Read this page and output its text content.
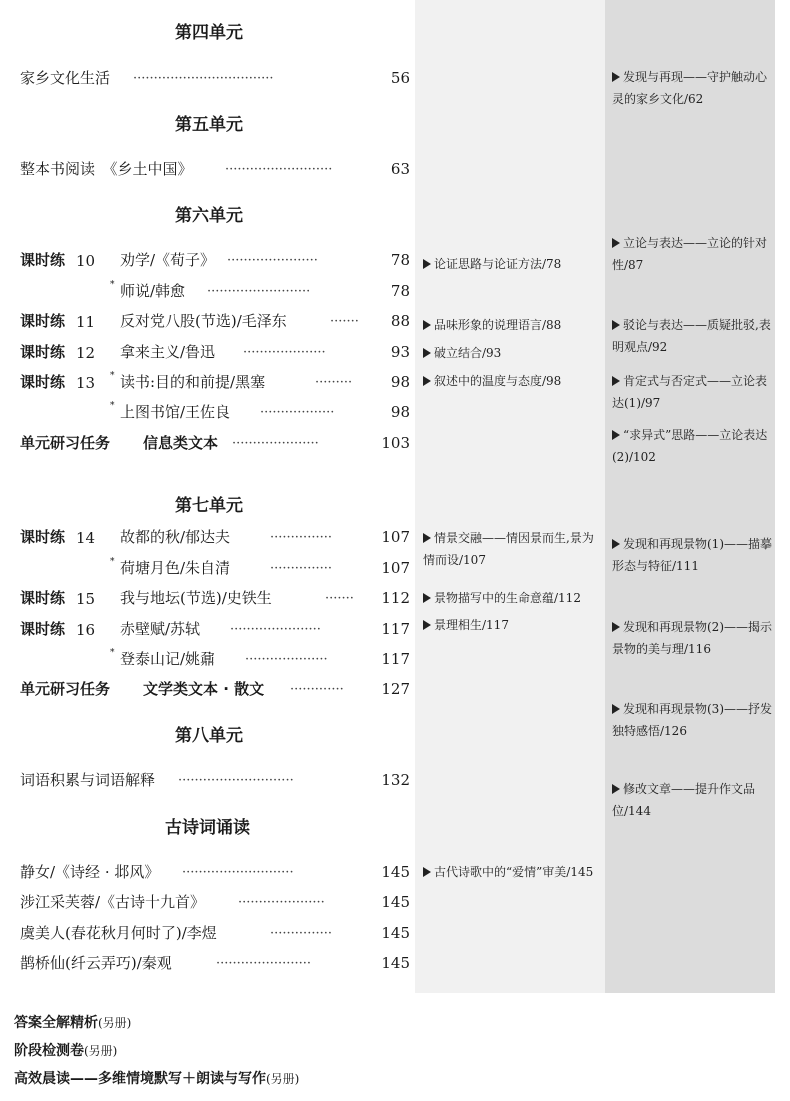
第四单元
第五单元
第六单元
第七单元
第八单元
古诗词诵读
家乡文化生活 ··································	56
整本书阅读　《乡土中国》 ··························	63
课时练 10 劝学/《荀子》 ······················	78
* 师说/韩愈 ·························	78
课时练 11 反对党八股(节选)/毛泽东	······· 88
课时练 12 拿来主义/鲁迅 ····················	93
课时练 13 * 读书:目的和前提/黑塞	·········	98
* 上图书馆/王佐良 ··················	98
单元研习任务 信息类文本 ·····················	103
课时练 14 故都的秋/郁达夫	···············	107
* 荷塘月色/朱自清	···············	107
课时练 15 我与地坛(节选)/史铁生	······· 112
课时练 16 赤壁赋/苏轼 ······················	117
* 登泰山记/姚鼐 ····················	117
单元研习任务 文学类文本 · 散文 ·············	127
词语积累与词语解释 ····························	132
静女/《诗经 · 邶风》 ···························	145
涉江采芙蓉/《古诗十九首》	·····················	145
虞美人(春花秋月何时了)/李煜	···············	145
鹊桥仙(纤云弄巧)/秦观	·······················	145
论证思路与论证方法/78
品味形象的说理语言/88
破立结合/93
叙述中的温度与态度/98
情景交融——情因景而生,景为情而设/107
景物描写中的生命意蕴/112
景理相生/117
古代诗歌中的“爱情”审美/145
发现与再现——守护触动心灵的家乡文化/62
立论与表达——立论的针对性/87
驳论与表达——质疑批驳,表明观点/92
肯定式与否定式——立论表达(1)/97
“求异式”思路——立论表达(2)/102
发现和再现景物(1)——描摹形态与特征/111
发现和再现景物(2)——揭示景物的美与理/116
发现和再现景物(3)——抒发独特感悟/126
修改文章——提升作文品位/144
答案全解精析(另册)
阶段检测卷(另册)
高效晨读——多维情境默写＋朗读与写作(另册)
